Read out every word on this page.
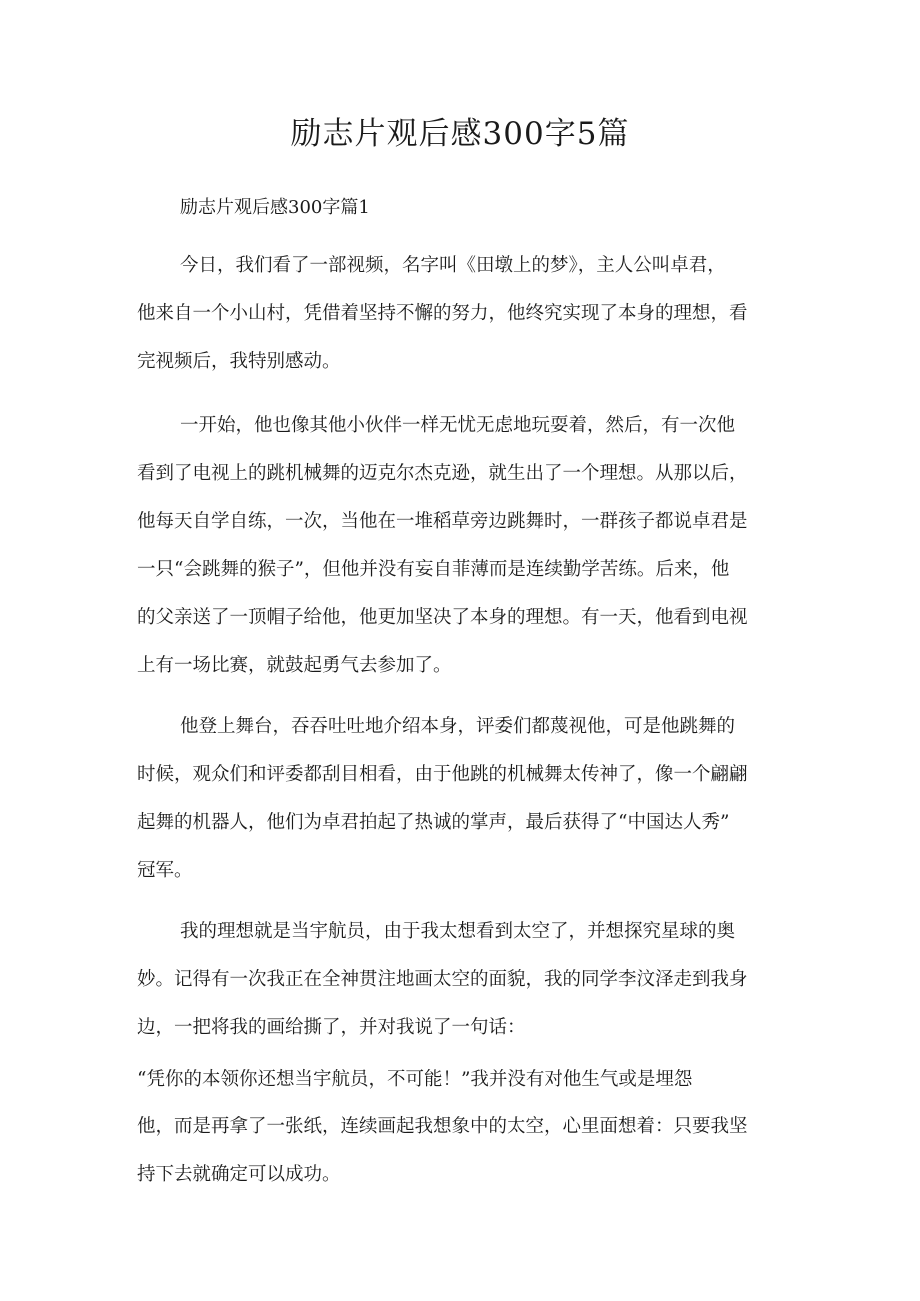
励志片观后感300字5篇
励志片观后感300字篇1
今日，我们看了一部视频，名字叫《田墩上的梦》，主人公叫卓君，
他来自一个小山村，凭借着坚持不懈的努力，他终究实现了本身的理想，看
完视频后，我特别感动。
一开始，他也像其他小伙伴一样无忧无虑地玩耍着，然后，有一次他
看到了电视上的跳机械舞的迈克尔杰克逊，就生出了一个理想。从那以后，
他每天自学自练，一次，当他在一堆稻草旁边跳舞时，一群孩子都说卓君是
一只“会跳舞的猴子”，但他并没有妄自菲薄而是连续勤学苦练。后来，他
的父亲送了一顶帽子给他，他更加坚决了本身的理想。有一天，他看到电视
上有一场比赛，就鼓起勇气去参加了。
他登上舞台，吞吞吐吐地介绍本身，评委们都蔑视他，可是他跳舞的
时候，观众们和评委都刮目相看，由于他跳的机械舞太传神了，像一个翩翩
起舞的机器人，他们为卓君拍起了热诚的掌声，最后获得了“中国达人秀”
冠军。
我的理想就是当宇航员，由于我太想看到太空了，并想探究星球的奥
妙。记得有一次我正在全神贯注地画太空的面貌，我的同学李汶泽走到我身
边，一把将我的画给撕了，并对我说了一句话：
“凭你的本领你还想当宇航员，不可能！”我并没有对他生气或是埋怨
他，而是再拿了一张纸，连续画起我想象中的太空，心里面想着：只要我坚
持下去就确定可以成功。
